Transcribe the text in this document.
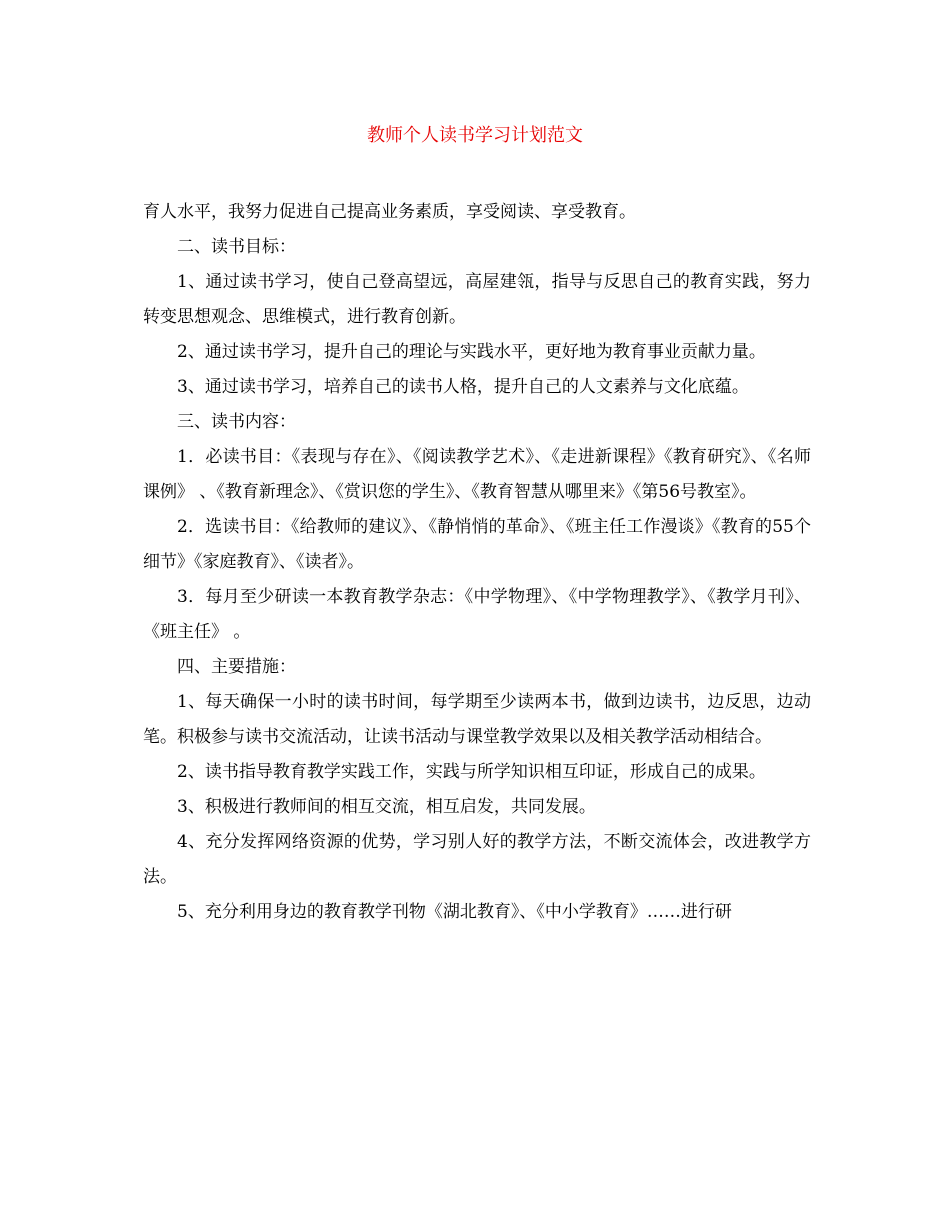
教师个人读书学习计划范文

育人水平，我努力促进自己提高业务素质，享受阅读、享受教育。

二、读书目标：

1、通过读书学习，使自己登高望远，高屋建瓴，指导与反思自己的教育实践，努力转变思想观念、思维模式，进行教育创新。

2、通过读书学习，提升自己的理论与实践水平，更好地为教育事业贡献力量。

3、通过读书学习，培养自己的读书人格，提升自己的人文素养与文化底蕴。

三、读书内容：

1．必读书目：《表现与存在》、《阅读教学艺术》、《走进新课程》《教育研究》、《名师课例》 、《教育新理念》、《赏识您的学生》、《教育智慧从哪里来》《第56号教室》。

2．选读书目：《给教师的建议》、《静悄悄的革命》、《班主任工作漫谈》《教育的55个细节》《家庭教育》、《读者》。

3．每月至少研读一本教育教学杂志：《中学物理》、《中学物理教学》、《教学月刊》、《班主任》 。

四、主要措施：

1、每天确保一小时的读书时间，每学期至少读两本书，做到边读书，边反思，边动笔。积极参与读书交流活动，让读书活动与课堂教学效果以及相关教学活动相结合。

2、读书指导教育教学实践工作，实践与所学知识相互印证，形成自己的成果。

3、积极进行教师间的相互交流，相互启发，共同发展。

4、充分发挥网络资源的优势，学习别人好的教学方法，不断交流体会，改进教学方法。

5、充分利用身边的教育教学刊物《湖北教育》、《中小学教育》……进行研
